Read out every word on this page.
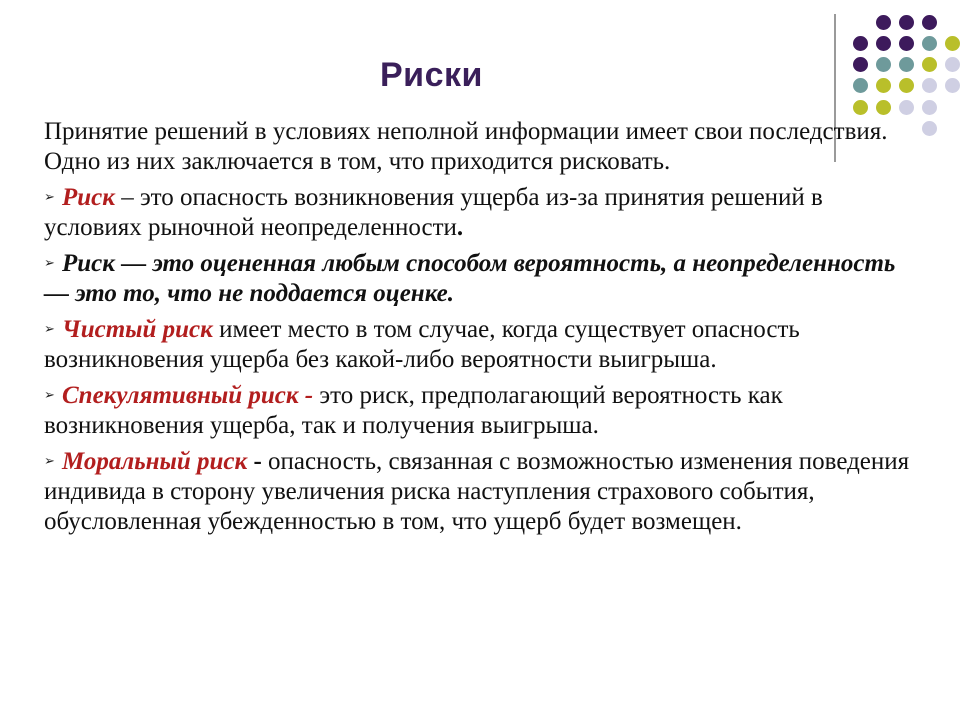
Риски

Принятие решений в условиях неполной информации имеет свои последствия. Одно из них заключается в том, что приходится рисковать.

➢ Риск – это опасность возникновения ущерба из-за принятия решений в условиях рыночной неопределенности.
➢ Риск — это оцененная любым способом вероятность, а неопределенность — это то, что не поддается оценке.
➢ Чистый риск имеет место в том случае, когда существует опасность возникновения ущерба без какой-либо вероятности выигрыша.
➢ Спекулятивный риск - это риск, предполагающий вероятность как возникновения ущерба, так и получения выигрыша.
➢ Моральный риск - опасность, связанная с возможностью изменения поведения индивида в сторону увеличения риска наступления страхового события, обусловленная убежденностью в том, что ущерб будет возмещен.
